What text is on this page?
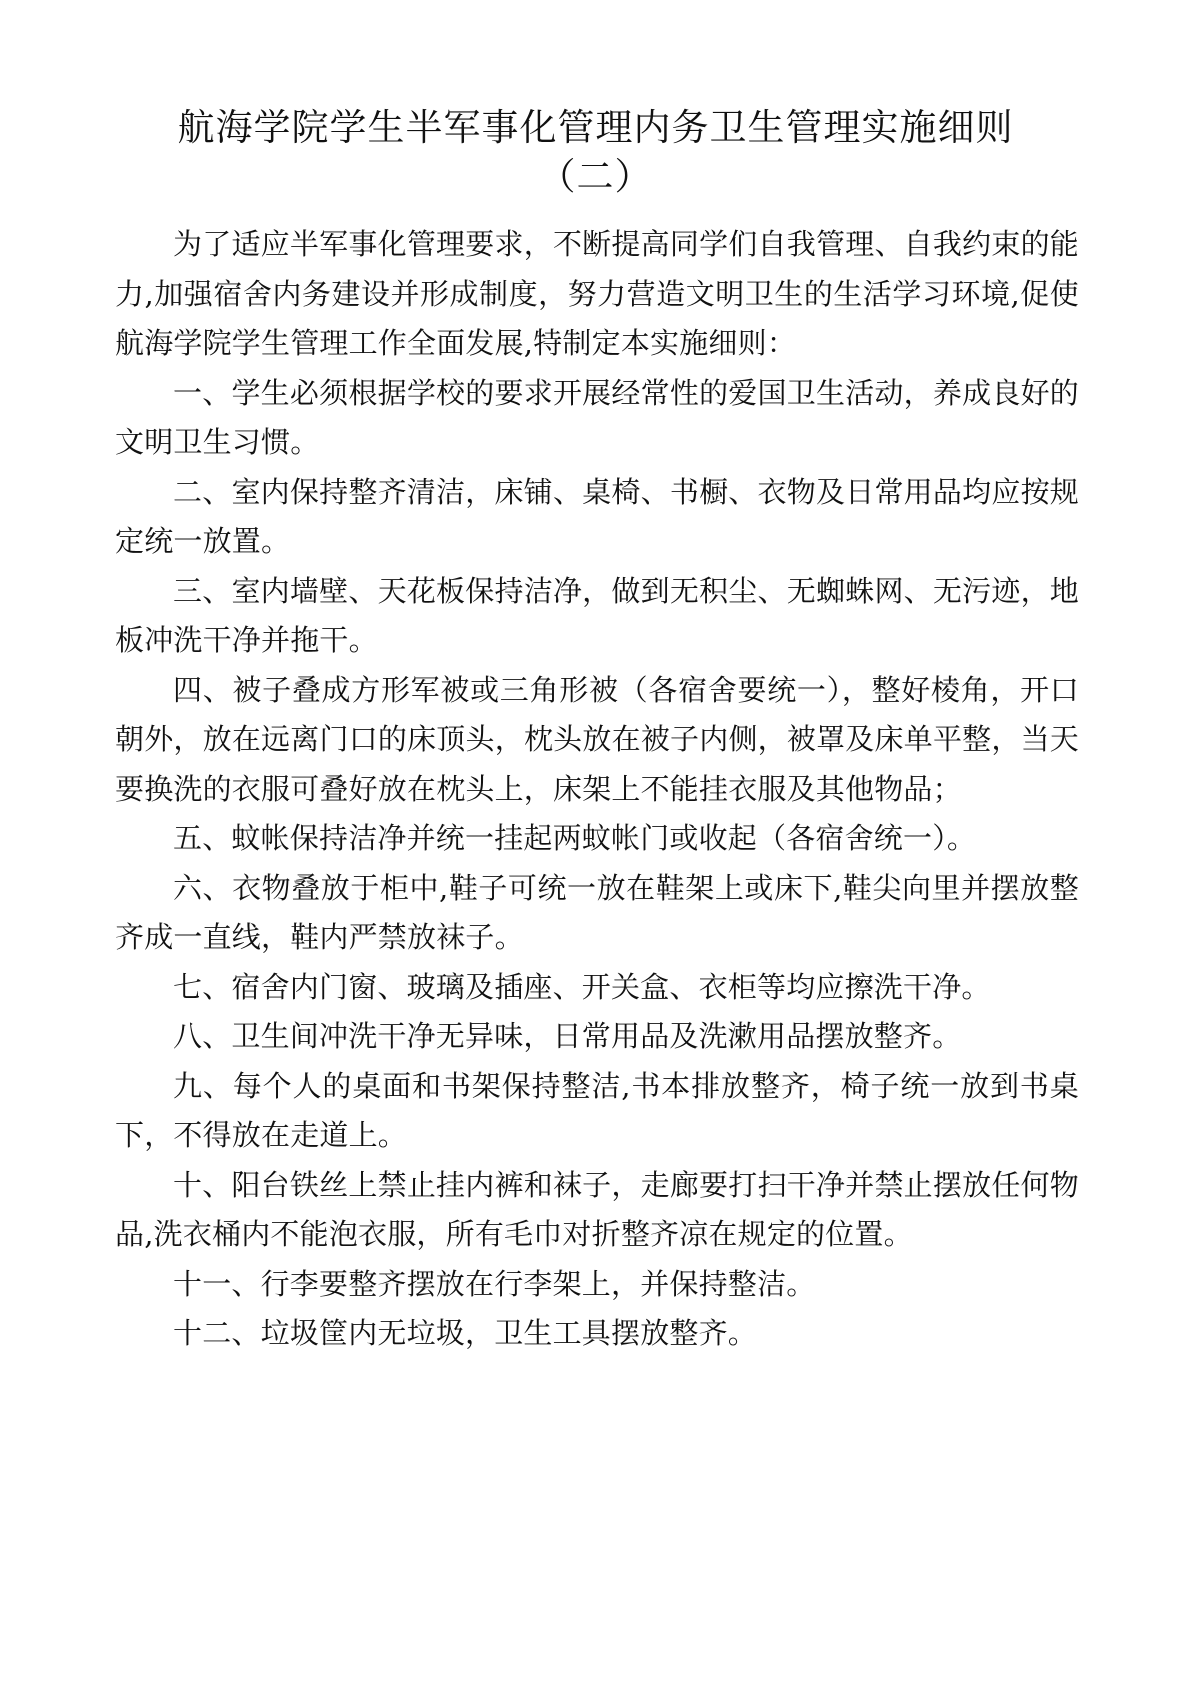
航海学院学生半军事化管理内务卫生管理实施细则
（二）

为了适应半军事化管理要求，不断提高同学们自我管理、自我约束的能力,加强宿舍内务建设并形成制度，努力营造文明卫生的生活学习环境,促使航海学院学生管理工作全面发展,特制定本实施细则：

一、学生必须根据学校的要求开展经常性的爱国卫生活动，养成良好的文明卫生习惯。

二、室内保持整齐清洁，床铺、桌椅、书橱、衣物及日常用品均应按规定统一放置。

三、室内墙壁、天花板保持洁净，做到无积尘、无蜘蛛网、无污迹，地板冲洗干净并拖干。

四、被子叠成方形军被或三角形被（各宿舍要统一），整好棱角，开口朝外，放在远离门口的床顶头，枕头放在被子内侧，被罩及床单平整，当天要换洗的衣服可叠好放在枕头上，床架上不能挂衣服及其他物品；

五、蚊帐保持洁净并统一挂起两蚊帐门或收起（各宿舍统一）。

六、衣物叠放于柜中,鞋子可统一放在鞋架上或床下,鞋尖向里并摆放整齐成一直线，鞋内严禁放袜子。

七、宿舍内门窗、玻璃及插座、开关盒、衣柜等均应擦洗干净。

八、卫生间冲洗干净无异味，日常用品及洗漱用品摆放整齐。

九、每个人的桌面和书架保持整洁,书本排放整齐，椅子统一放到书桌下，不得放在走道上。

十、阳台铁丝上禁止挂内裤和袜子，走廊要打扫干净并禁止摆放任何物品,洗衣桶内不能泡衣服，所有毛巾对折整齐凉在规定的位置。

十一、行李要整齐摆放在行李架上，并保持整洁。

十二、垃圾筐内无垃圾，卫生工具摆放整齐。
